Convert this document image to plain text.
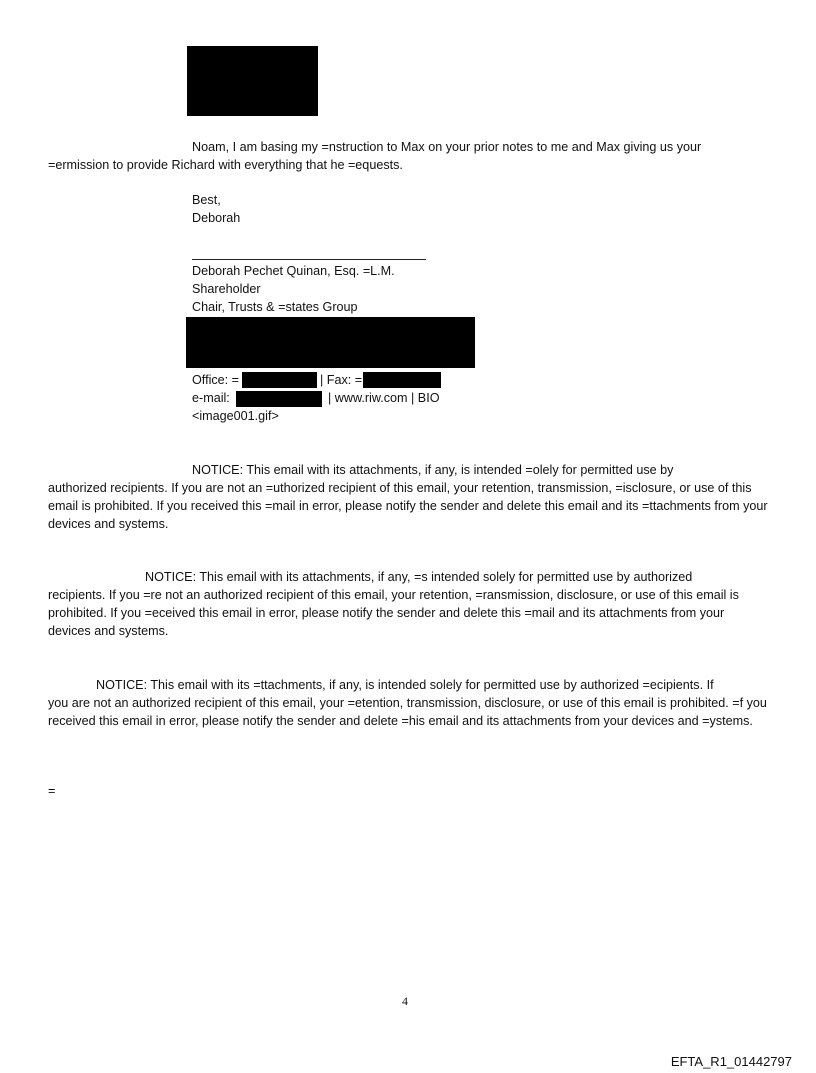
Noam, I am basing my =nstruction to Max on your prior notes to me and Max giving us your

=ermission to provide Richard with everything that he =equests.

Best,

Deborah

Deborah Pechet Quinan, Esq. =L.M.

Shareholder

Chair, Trusts & =states Group

Office: =	| Fax: =

e-mail:	| www.riw.com | BIO

<image001.gif>

NOTICE: This email with its attachments, if any, is intended =olely for permitted use by

authorized recipients. If you are not an =uthorized recipient of this email, your retention, transmission, =isclosure, or use of this email is prohibited. If you received this =mail in error, please notify the sender and delete this email and its =ttachments from your devices and systems.

NOTICE: This email with its attachments, if any, =s intended solely for permitted use by authorized

recipients. If you =re not an authorized recipient of this email, your retention, =ransmission, disclosure, or use of this email is prohibited. If you =eceived this email in error, please notify the sender and delete this =mail and its attachments from your devices and systems.

NOTICE: This email with its =ttachments, if any, is intended solely for permitted use by authorized =ecipients. If

you are not an authorized recipient of this email, your =etention, transmission, disclosure, or use of this email is prohibited. =f you received this email in error, please notify the sender and delete =his email and its attachments from your devices and =ystems.

=

4
EFTA_R1_01442797
